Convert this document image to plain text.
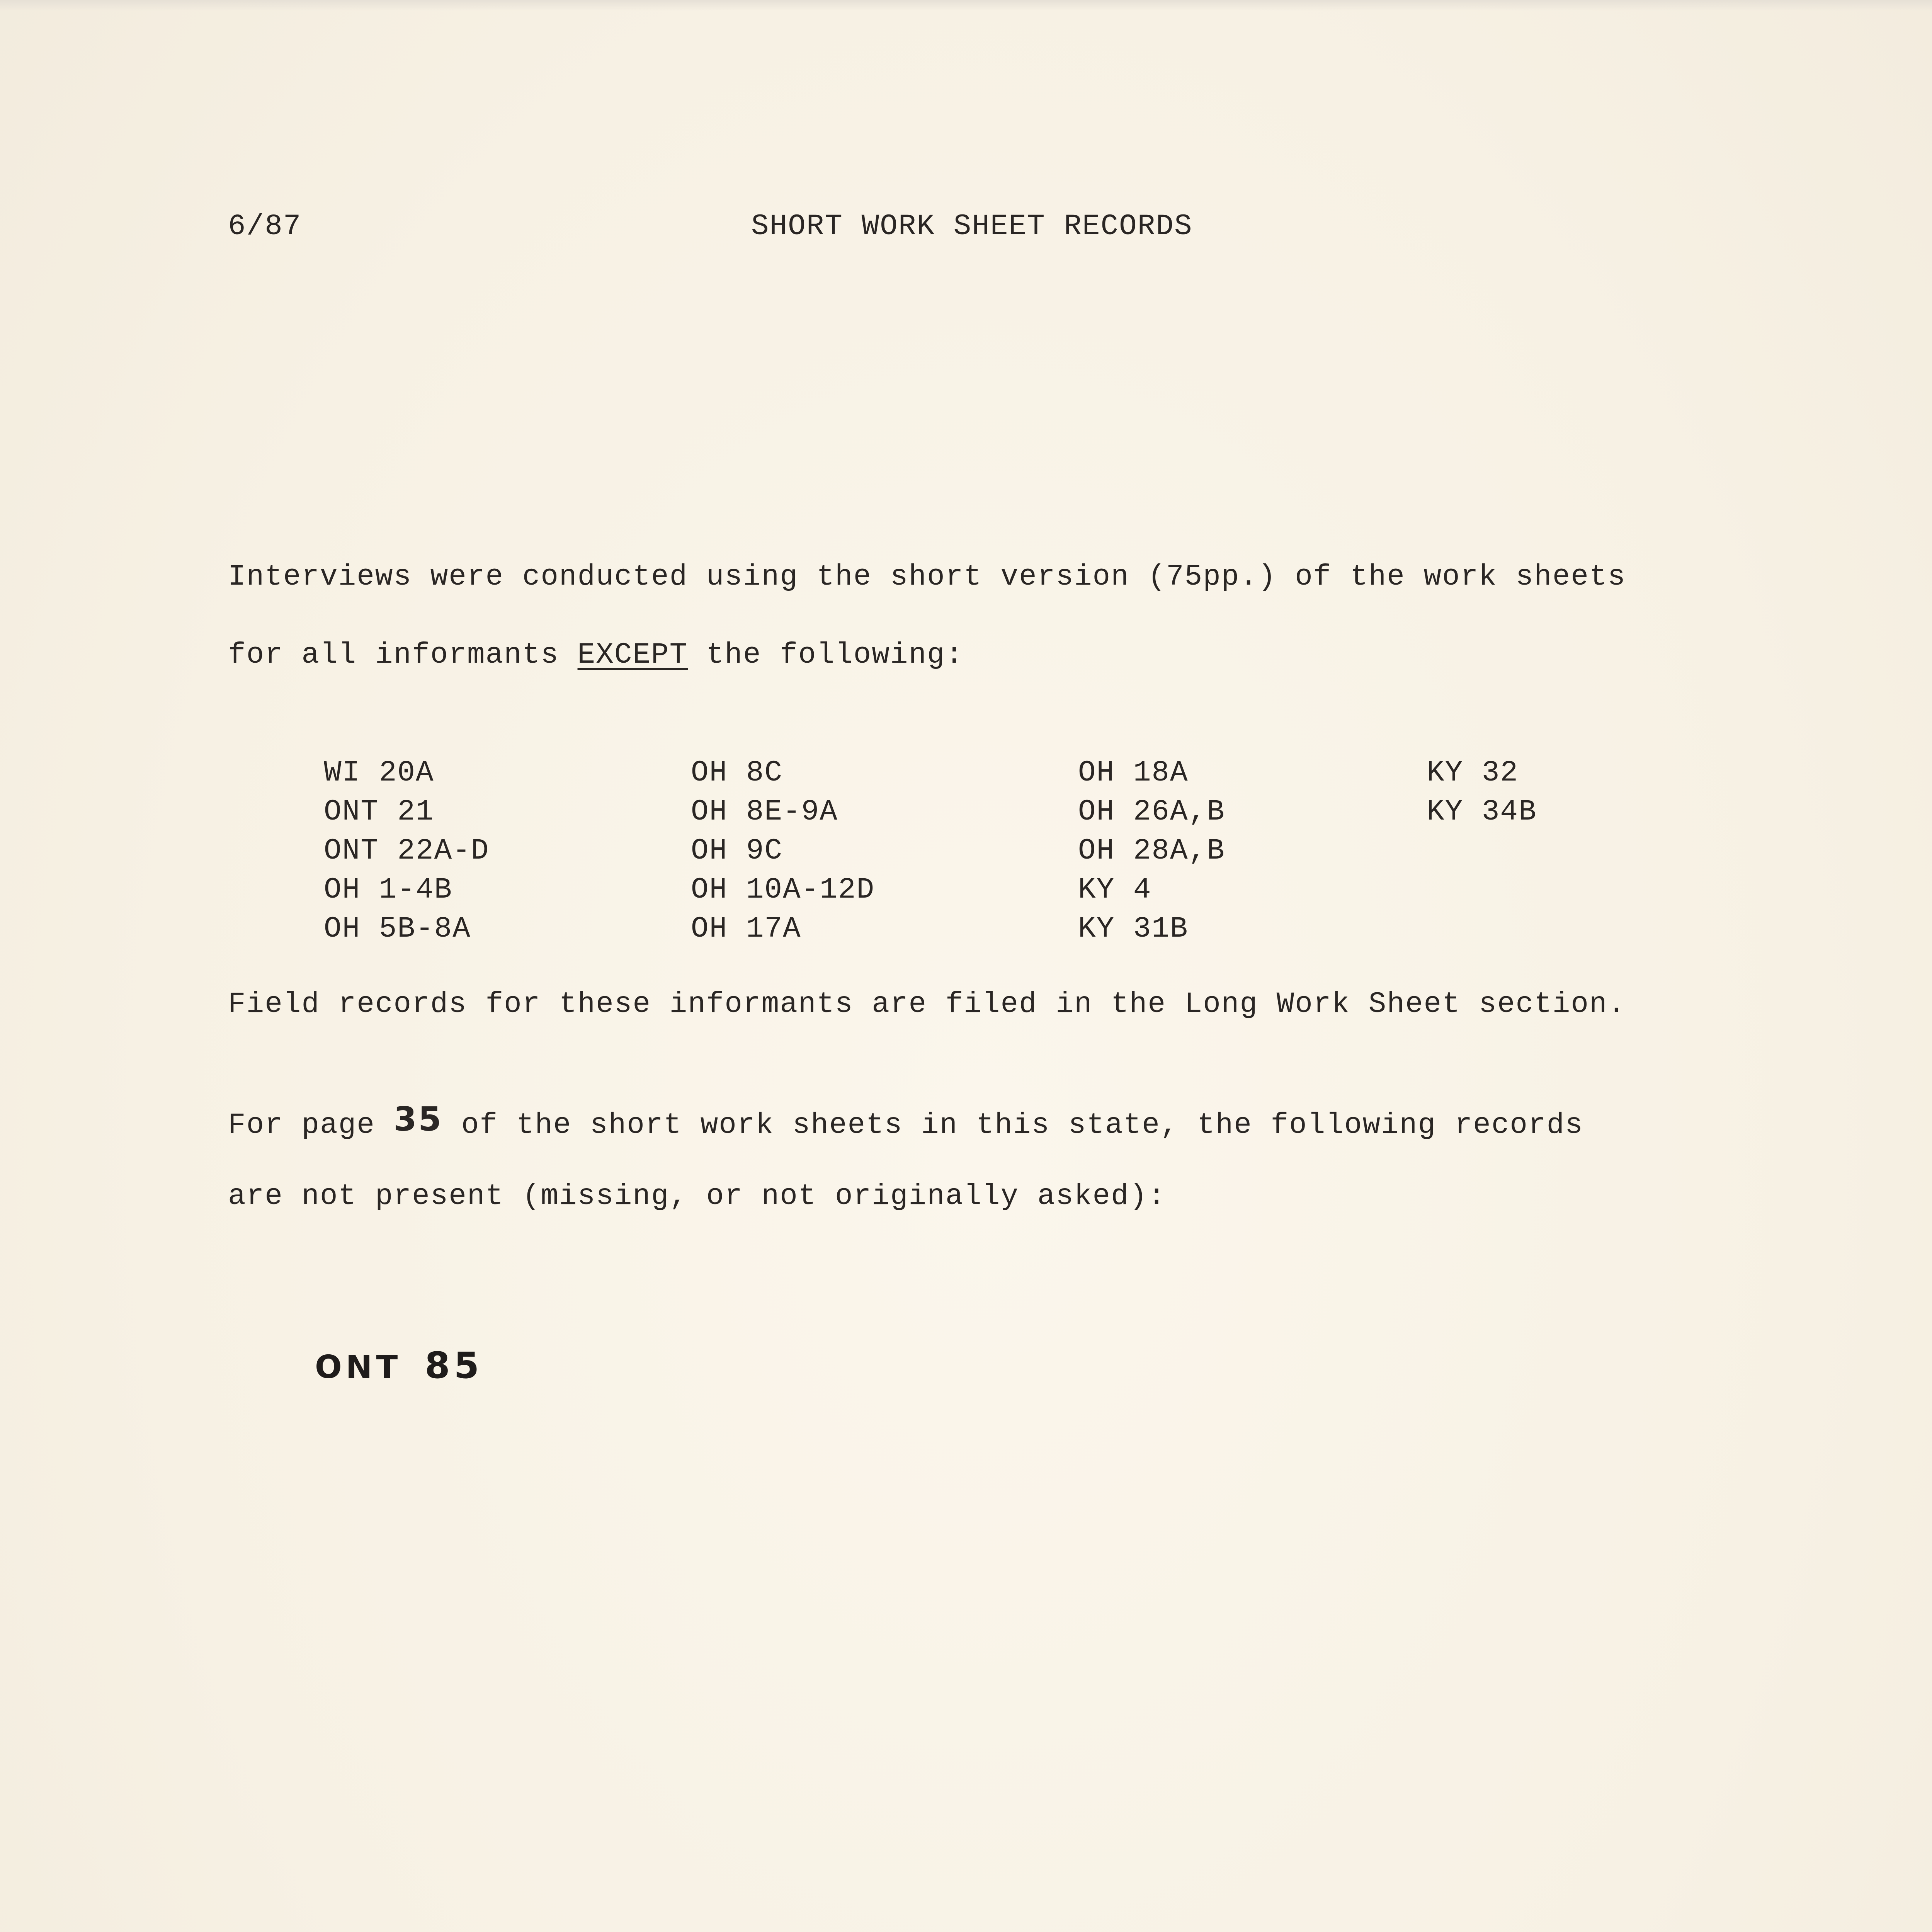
6/87	SHORT WORK SHEET RECORDS
Interviews were conducted using the short version (75pp.) of the work sheets
for all informants EXCEPT the following:
WI 20A
ONT 21
ONT 22A-D
OH 1-4B
OH 5B-8A
OH 8C
OH 8E-9A
OH 9C
OH 10A-12D
OH 17A
OH 18A
OH 26A,B
OH 28A,B
KY 4
KY 31B
KY 32
KY 34B
Field records for these informants are filed in the Long Work Sheet section.
For page 35 of the short work sheets in this state, the following records
are not present (missing, or not originally asked):
ONT 85
